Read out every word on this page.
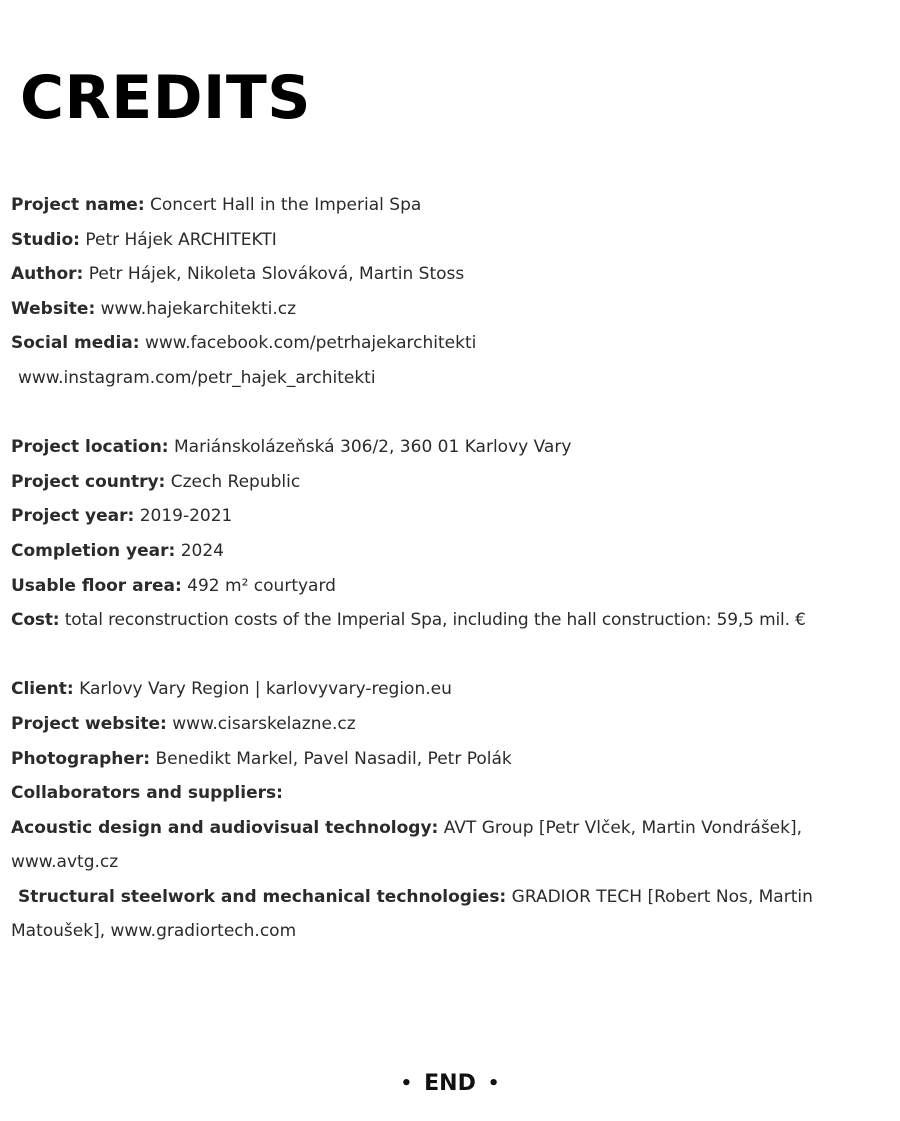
CREDITS

Project name: Concert Hall in the Imperial Spa

Studio: Petr Hájek ARCHITEKTI

Author: Petr Hájek, Nikoleta Slováková, Martin Stoss

Website: www.hajekarchitekti.cz

Social media: www.facebook.com/petrhajekarchitekti

www.instagram.com/petr_hajek_architekti

Project location: Mariánskolázeňská 306/2, 360 01 Karlovy Vary

Project country: Czech Republic

Project year: 2019-2021

Completion year: 2024

Usable floor area: 492 m² courtyard

Cost: total reconstruction costs of the Imperial Spa, including the hall construction: 59,5 mil. €

Client: Karlovy Vary Region | karlovyvary-region.eu

Project website: www.cisarskelazne.cz

Photographer: Benedikt Markel, Pavel Nasadil, Petr Polák

Collaborators and suppliers:

Acoustic design and audiovisual technology: AVT Group [Petr Vlček, Martin Vondrášek], www.avtg.cz

Structural steelwork and mechanical technologies: GRADIOR TECH [Robert Nos, Martin Matoušek], www.gradiortech.com

• END •
